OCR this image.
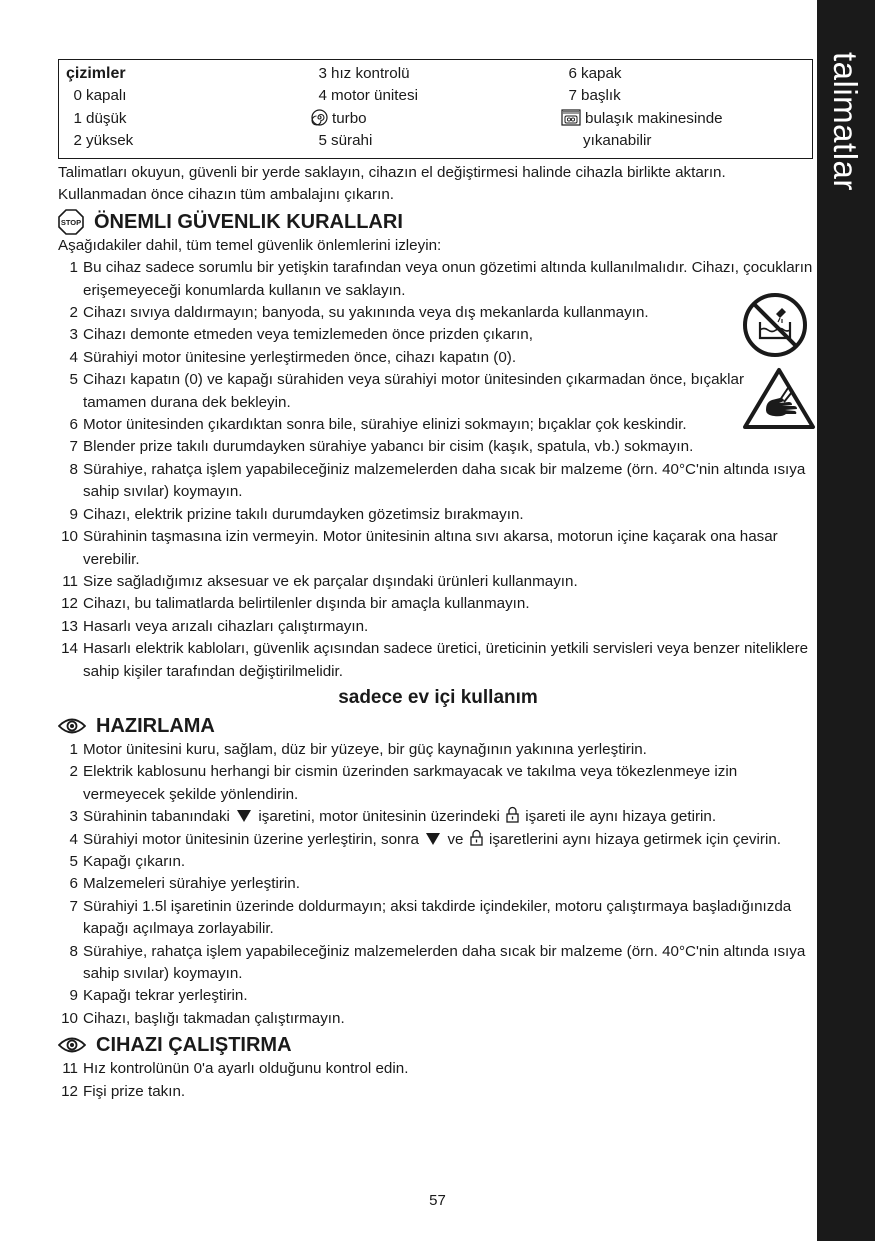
talimatlar
çizimler
0 kapalı
1 düşük
2 yüksek
3 hız kontrolü
4 motor ünitesi
turbo
5 sürahi
6 kapak
7 başlık
bulaşık makinesinde
yıkanabilir

Talimatları okuyun, güvenli bir yerde saklayın, cihazın el değiştirmesi halinde cihazla birlikte aktarın. Kullanmadan önce cihazın tüm ambalajını çıkarın.

STOP ÖNEMLI GÜVENLIK KURALLARI

Aşağıdakiler dahil, tüm temel güvenlik önlemlerini izleyin:

1 Bu cihaz sadece sorumlu bir yetişkin tarafından veya onun gözetimi altında kullanılmalıdır. Cihazı, çocukların erişemeyeceği konumlarda kullanın ve saklayın.
2 Cihazı sıvıya daldırmayın; banyoda, su yakınında veya dış mekanlarda kullanmayın.
3 Cihazı demonte etmeden veya temizlemeden önce prizden çıkarın,
4 Sürahiyi motor ünitesine yerleştirmeden önce, cihazı kapatın (0).
5 Cihazı kapatın (0) ve kapağı sürahiden veya sürahiyi motor ünitesinden çıkarmadan önce, bıçaklar tamamen durana dek bekleyin.
6 Motor ünitesinden çıkardıktan sonra bile, sürahiye elinizi sokmayın; bıçaklar çok keskindir.
7 Blender prize takılı durumdayken sürahiye yabancı bir cisim (kaşık, spatula, vb.) sokmayın.
8 Sürahiye, rahatça işlem yapabileceğiniz malzemelerden daha sıcak bir malzeme (örn. 40°C'nin altında ısıya sahip sıvılar) koymayın.
9 Cihazı, elektrik prizine takılı durumdayken gözetimsiz bırakmayın.
10 Sürahinin taşmasına izin vermeyin. Motor ünitesinin altına sıvı akarsa, motorun içine kaçarak ona hasar verebilir.
11 Size sağladığımız aksesuar ve ek parçalar dışındaki ürünleri kullanmayın.
12 Cihazı, bu talimatlarda belirtilenler dışında bir amaçla kullanmayın.
13 Hasarlı veya arızalı cihazları çalıştırmayın.
14 Hasarlı elektrik kabloları, güvenlik açısından sadece üretici, üreticinin yetkili servisleri veya benzer niteliklere sahip kişiler tarafından değiştirilmelidir.
sadece ev içi kullanım
HAZIRLAMA
1 Motor ünitesini kuru, sağlam, düz bir yüzeye, bir güç kaynağının yakınına yerleştirin.
2 Elektrik kablosunu herhangi bir cismin üzerinden sarkmayacak ve takılma veya tökezlenmeye izin vermeyecek şekilde yönlendirin.
3 Sürahinin tabanındaki işaretini, motor ünitesinin üzerindeki işareti ile aynı hizaya getirin.
4 Sürahiyi motor ünitesinin üzerine yerleştirin, sonra ve işaretlerini aynı hizaya getirmek için çevirin.
5 Kapağı çıkarın.
6 Malzemeleri sürahiye yerleştirin.
7 Sürahiyi 1.5l işaretinin üzerinde doldurmayın; aksi takdirde içindekiler, motoru çalıştırmaya başladığınızda kapağı açılmaya zorlayabilir.
8 Sürahiye, rahatça işlem yapabileceğiniz malzemelerden daha sıcak bir malzeme (örn. 40°C'nin altında ısıya sahip sıvılar) koymayın.
9 Kapağı tekrar yerleştirin.
10 Cihazı, başlığı takmadan çalıştırmayın.
CIHAZI ÇALIŞTIRMA
11 Hız kontrolünün 0'a ayarlı olduğunu kontrol edin.
12 Fişi prize takın.
57
